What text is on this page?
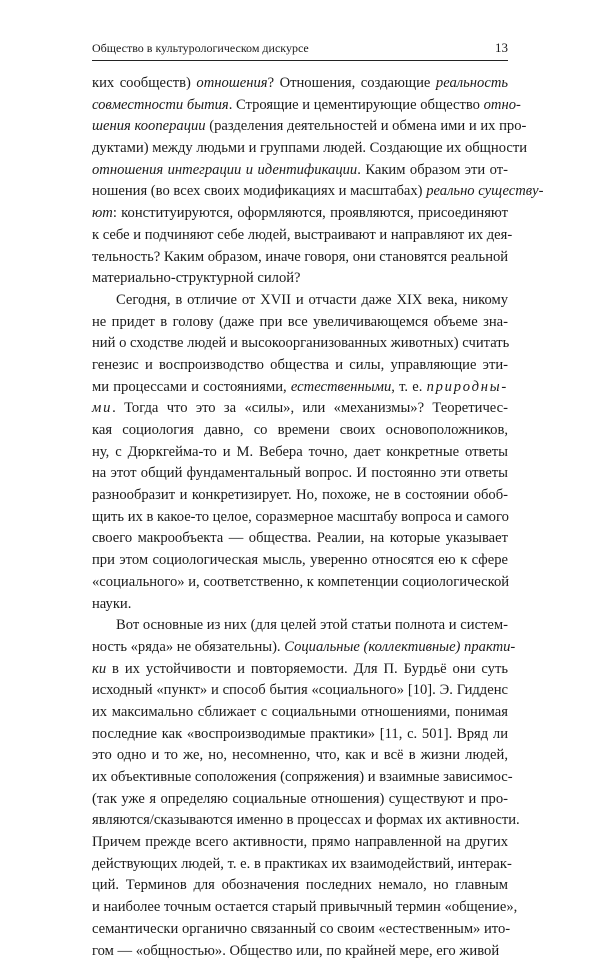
Общество в культурологическом дискурсе	13
ких сообществ) отношения? Отношения, создающие реальность
совместности бытия. Строящие и цементирующие общество отно-
шения кооперации (разделения деятельностей и обмена ими и их про-
дуктами) между людьми и группами людей. Создающие их общности
отношения интеграции и идентификации. Каким образом эти от-
ношения (во всех своих модификациях и масштабах) реально существу-
ют: конституируются, оформляются, проявляются, присоединяют
к себе и подчиняют себе людей, выстраивают и направляют их дея-
тельность? Каким образом, иначе говоря, они становятся реальной
материально-структурной силой?
Сегодня, в отличие от XVII и отчасти даже XIX века, никому
не придет в голову (даже при все увеличивающемся объеме зна-
ний о сходстве людей и высокоорганизованных животных) считать
генезис и воспроизводство общества и силы, управляющие эти-
ми процессами и состояниями, естественными, т. е. природны-
ми. Тогда что это за «силы», или «механизмы»? Теоретичес-
кая социология давно, со времени своих основоположников,
ну, с Дюркгейма-то и М. Вебера точно, дает конкретные ответы
на этот общий фундаментальный вопрос. И постоянно эти ответы
разнообразит и конкретизирует. Но, похоже, не в состоянии обоб-
щить их в какое-то целое, соразмерное масштабу вопроса и самого
своего макрообъекта — общества. Реалии, на которые указывает
при этом социологическая мысль, уверенно относятся ею к сфере
«социального» и, соответственно, к компетенции социологической
науки.
Вот основные из них (для целей этой статьи полнота и систем-
ность «ряда» не обязательны). Социальные (коллективные) практи-
ки в их устойчивости и повторяемости. Для П. Бурдьё они суть
исходный «пункт» и способ бытия «социального» [10]. Э. Гидденс
их максимально сближает с социальными отношениями, понимая
последние как «воспроизводимые практики» [11, с. 501]. Вряд ли
это одно и то же, но, несомненно, что, как и всё в жизни людей,
их объективные соположения (сопряжения) и взаимные зависимос-
(так уже я определяю социальные отношения) существуют и про-
являются/сказываются именно в процессах и формах их активности.
Причем прежде всего активности, прямо направленной на других
действующих людей, т. е. в практиках их взаимодействий, интерак-
ций. Терминов для обозначения последних немало, но главным
и наиболее точным остается старый привычный термин «общение»,
семантически органично связанный со своим «естественным» ито-
гом — «общностью». Общество или, по крайней мере, его живой
